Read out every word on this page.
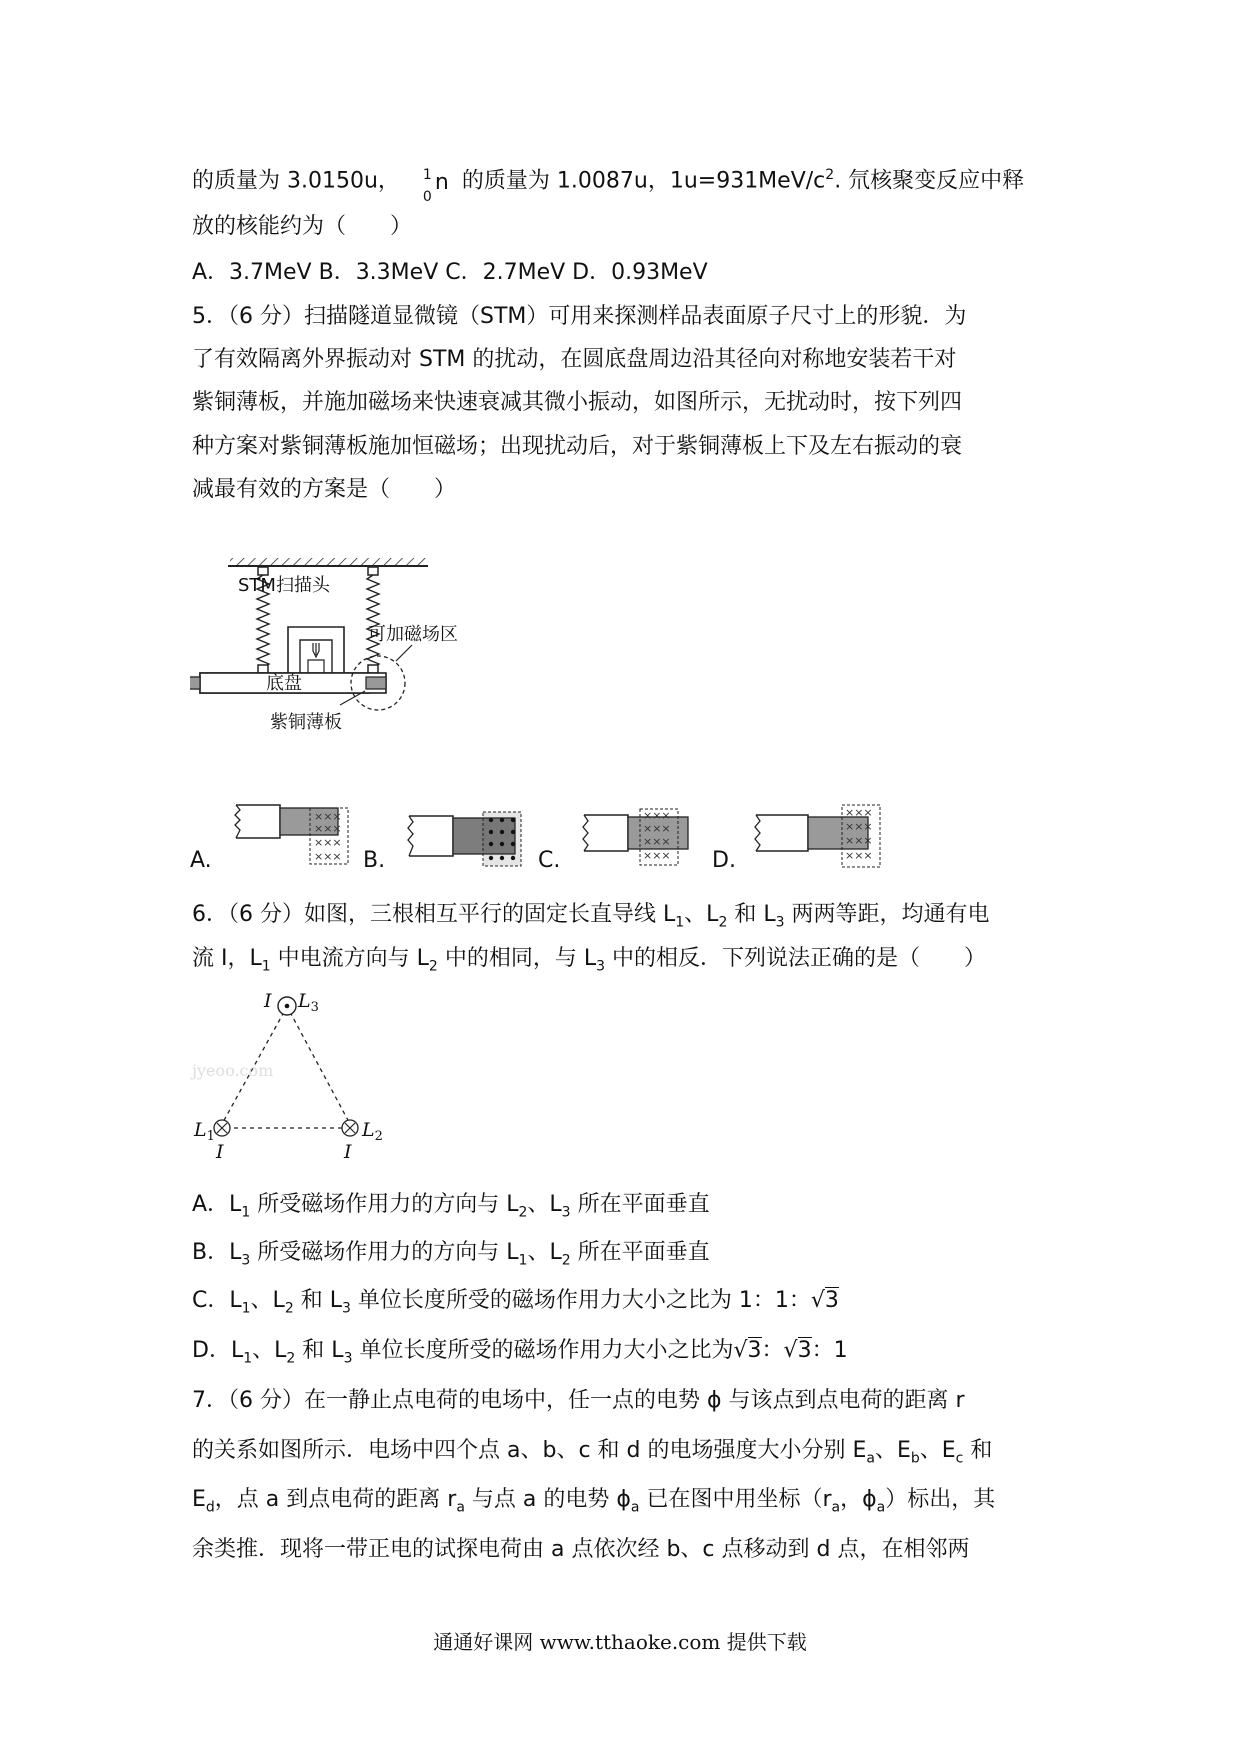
的质量为 3.0150u， 1
0
n 的质量为 1.0087u，$1u=931MeV/c^2$. 氘核聚变反应中释
放的核能约为（　　）
A．3.7MeV B．3.3MeV C．2.7MeV D．0.93MeV
5．（6 分）扫描隧道显微镜（STM）可用来探测样品表面原子尺寸上的形貌．为
了有效隔离外界振动对 STM 的扰动，在圆底盘周边沿其径向对称地安装若干对
紫铜薄板，并施加磁场来快速衰减其微小振动，如图所示，无扰动时，按下列四
种方案对紫铜薄板施加恒磁场；出现扰动后，对于紫铜薄板上下及左右振动的衰
减最有效的方案是（　　）
STM扫描头
可加磁场区
底盘
紫铜薄板
A.
×××
×××
×××
××× B.	C.
×××
×××
×××
××× D.
×××
×××
×××
×××
6．（6 分）如图，三根相互平行的固定长直导线 $L_1$、$L_2$ 和 $L_3$ 两两等距，均通有电
流 I，$L_1$ 中电流方向与 $L_2$ 中的相同，与 $L_3$ 中的相反．下列说法正确的是（　　）
jyeoo.com
I $L_3$
$L_1$
I
$L_2$
I
A．$L_1$ 所受磁场作用力的方向与 $L_2$、$L_3$ 所在平面垂直
B．$L_3$ 所受磁场作用力的方向与 $L_1$、$L_2$ 所在平面垂直
C．$L_1$、$L_2$ 和 $L_3$ 单位长度所受的磁场作用力大小之比为 1：1：√3
D．$L_1$、$L_2$ 和 $L_3$ 单位长度所受的磁场作用力大小之比为√3：√3：1
7．（6 分）在一静止点电荷的电场中，任一点的电势 ϕ 与该点到点电荷的距离 r
的关系如图所示．电场中四个点 a、b、c 和 d 的电场强度大小分别 $E_a$、$E_b$、$E_c$ 和
$E_d$，点 a 到点电荷的距离 $r_a$ 与点 a 的电势 $\phi_a$ 已在图中用坐标（$r_a$，$\phi_a$）标出，其
余类推．现将一带正电的试探电荷由 a 点依次经 b、c 点移动到 d 点，在相邻两
通通好课网 www.tthaoke.com 提供下载
